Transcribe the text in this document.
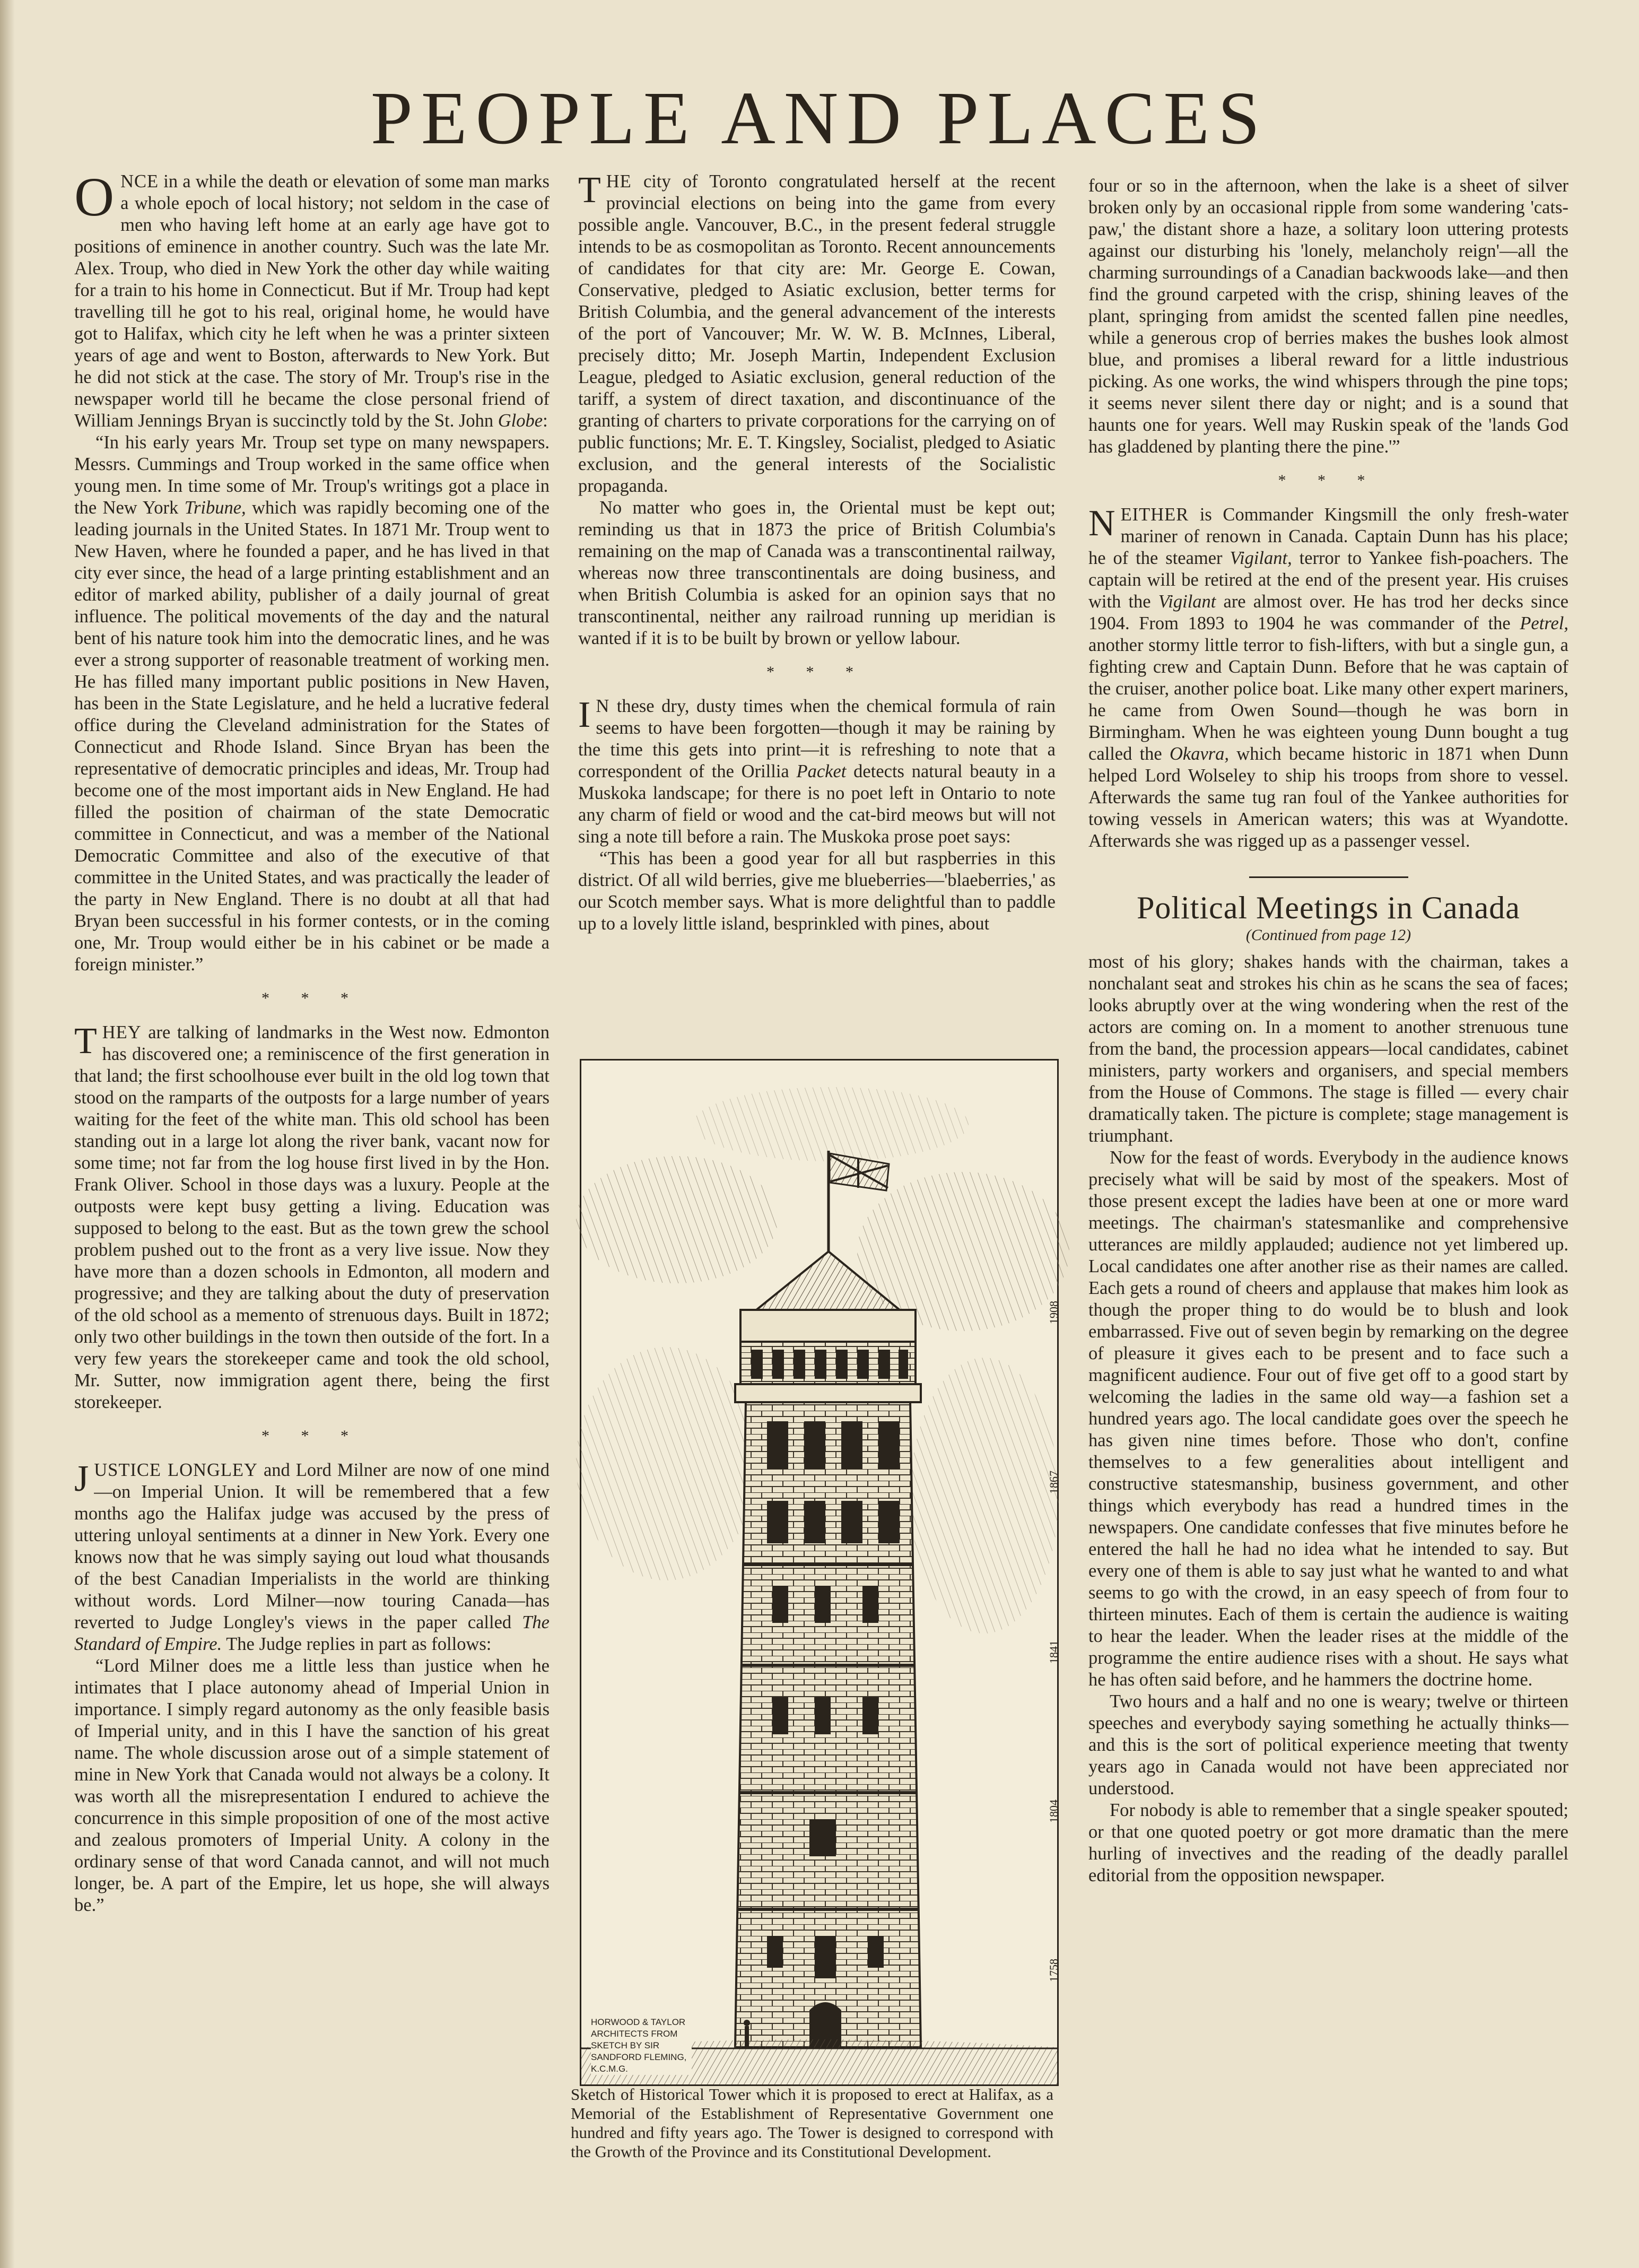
PEOPLE AND PLACES

ONCE in a while the death or elevation of some man marks a whole epoch of local history; not seldom in the case of men who having left home at an early age have got to positions of eminence in another country. Such was the late Mr. Alex. Troup, who died in New York the other day while waiting for a train to his home in Connecticut. But if Mr. Troup had kept travelling till he got to his real, original home, he would have got to Halifax, which city he left when he was a printer sixteen years of age and went to Boston, afterwards to New York. But he did not stick at the case. The story of Mr. Troup's rise in the newspaper world till he became the close personal friend of William Jennings Bryan is succinctly told by the St. John Globe:

“In his early years Mr. Troup set type on many newspapers. Messrs. Cummings and Troup worked in the same office when young men. In time some of Mr. Troup's writings got a place in the New York Tribune, which was rapidly becoming one of the leading journals in the United States. In 1871 Mr. Troup went to New Haven, where he founded a paper, and he has lived in that city ever since, the head of a large printing establishment and an editor of marked ability, publisher of a daily journal of great influence. The political movements of the day and the natural bent of his nature took him into the democratic lines, and he was ever a strong supporter of reasonable treatment of working men. He has filled many important public positions in New Haven, has been in the State Legislature, and he held a lucrative federal office during the Cleveland administration for the States of Connecticut and Rhode Island. Since Bryan has been the representative of democratic principles and ideas, Mr. Troup had become one of the most important aids in New England. He had filled the position of chairman of the state Democratic committee in Connecticut, and was a member of the National Democratic Committee and also of the executive of that committee in the United States, and was practically the leader of the party in New England. There is no doubt at all that had Bryan been successful in his former contests, or in the coming one, Mr. Troup would either be in his cabinet or be made a foreign minister.”

* * *

THEY are talking of landmarks in the West now. Edmonton has discovered one; a reminiscence of the first generation in that land; the first schoolhouse ever built in the old log town that stood on the ramparts of the outposts for a large number of years waiting for the feet of the white man. This old school has been standing out in a large lot along the river bank, vacant now for some time; not far from the log house first lived in by the Hon. Frank Oliver. School in those days was a luxury. People at the outposts were kept busy getting a living. Education was supposed to belong to the east. But as the town grew the school problem pushed out to the front as a very live issue. Now they have more than a dozen schools in Edmonton, all modern and progressive; and they are talking about the duty of preservation of the old school as a memento of strenuous days. Built in 1872; only two other buildings in the town then outside of the fort. In a very few years the storekeeper came and took the old school, Mr. Sutter, now immigration agent there, being the first storekeeper.

* * *

JUSTICE LONGLEY and Lord Milner are now of one mind—on Imperial Union. It will be remembered that a few months ago the Halifax judge was accused by the press of uttering unloyal sentiments at a dinner in New York. Every one knows now that he was simply saying out loud what thousands of the best Canadian Imperialists in the world are thinking without words. Lord Milner—now touring Canada—has reverted to Judge Longley's views in the paper called The Standard of Empire. The Judge replies in part as follows:

“Lord Milner does me a little less than justice when he intimates that I place autonomy ahead of Imperial Union in importance. I simply regard autonomy as the only feasible basis of Imperial unity, and in this I have the sanction of his great name. The whole discussion arose out of a simple statement of mine in New York that Canada would not always be a colony. It was worth all the misrepresentation I endured to achieve the concurrence in this simple proposition of one of the most active and zealous promoters of Imperial Unity. A colony in the ordinary sense of that word Canada cannot, and will not much longer, be. A part of the Empire, let us hope, she will always be.”

THE city of Toronto congratulated herself at the recent provincial elections on being into the game from every possible angle. Vancouver, B.C., in the present federal struggle intends to be as cosmopolitan as Toronto. Recent announcements of candidates for that city are: Mr. George E. Cowan, Conservative, pledged to Asiatic exclusion, better terms for British Columbia, and the general advancement of the interests of the port of Vancouver; Mr. W. W. B. McInnes, Liberal, precisely ditto; Mr. Joseph Martin, Independent Exclusion League, pledged to Asiatic exclusion, general reduction of the tariff, a system of direct taxation, and discontinuance of the granting of charters to private corporations for the carrying on of public functions; Mr. E. T. Kingsley, Socialist, pledged to Asiatic exclusion, and the general interests of the Socialistic propaganda.

No matter who goes in, the Oriental must be kept out; reminding us that in 1873 the price of British Columbia's remaining on the map of Canada was a transcontinental railway, whereas now three transcontinentals are doing business, and when British Columbia is asked for an opinion says that no transcontinental, neither any railroad running up meridian is wanted if it is to be built by brown or yellow labour.

* * *

I N these dry, dusty times when the chemical formula of rain seems to have been forgotten—though it may be raining by the time this gets into print—it is refreshing to note that a correspondent of the Orillia Packet detects natural beauty in a Muskoka landscape; for there is no poet left in Ontario to note any charm of field or wood and the cat-bird meows but will not sing a note till before a rain. The Muskoka prose poet says:

“This has been a good year for all but raspberries in this district. Of all wild berries, give me blueberries—'blaeberries,' as our Scotch member says. What is more delightful than to paddle up to a lovely little island, besprinkled with pines, about

1908
1867
1841
1804
1758
HORWOOD & TAYLOR ARCHITECTS FROM SKETCH BY SIR SANDFORD FLEMING, K.C.M.G.
Sketch of Historical Tower which it is proposed to erect at Halifax, as a Memorial of the Establishment of Representative Government one hundred and fifty years ago. The Tower is designed to correspond with the Growth of the Province and its Constitutional Development.

four or so in the afternoon, when the lake is a sheet of silver broken only by an occasional ripple from some wandering 'cats-paw,' the distant shore a haze, a solitary loon uttering protests against our disturbing his 'lonely, melancholy reign'—all the charming surroundings of a Canadian backwoods lake—and then find the ground carpeted with the crisp, shining leaves of the plant, springing from amidst the scented fallen pine needles, while a generous crop of berries makes the bushes look almost blue, and promises a liberal reward for a little industrious picking. As one works, the wind whispers through the pine tops; it seems never silent there day or night; and is a sound that haunts one for years. Well may Ruskin speak of the 'lands God has gladdened by planting there the pine.'”

* * *

NEITHER is Commander Kingsmill the only fresh-water mariner of renown in Canada. Captain Dunn has his place; he of the steamer Vigilant, terror to Yankee fish-poachers. The captain will be retired at the end of the present year. His cruises with the Vigilant are almost over. He has trod her decks since 1904. From 1893 to 1904 he was commander of the Petrel, another stormy little terror to fish-lifters, with but a single gun, a fighting crew and Captain Dunn. Before that he was captain of the cruiser, another police boat. Like many other expert mariners, he came from Owen Sound—though he was born in Birmingham. When he was eighteen young Dunn bought a tug called the Okavra, which became historic in 1871 when Dunn helped Lord Wolseley to ship his troops from shore to vessel. Afterwards the same tug ran foul of the Yankee authorities for towing vessels in American waters; this was at Wyandotte. Afterwards she was rigged up as a passenger vessel.

Political Meetings in Canada
(Continued from page 12)

most of his glory; shakes hands with the chairman, takes a nonchalant seat and strokes his chin as he scans the sea of faces; looks abruptly over at the wing wondering when the rest of the actors are coming on. In a moment to another strenuous tune from the band, the procession appears—local candidates, cabinet ministers, party workers and organisers, and special members from the House of Commons. The stage is filled — every chair dramatically taken. The picture is complete; stage management is triumphant.

Now for the feast of words. Everybody in the audience knows precisely what will be said by most of the speakers. Most of those present except the ladies have been at one or more ward meetings. The chairman's statesmanlike and comprehensive utterances are mildly applauded; audience not yet limbered up. Local candidates one after another rise as their names are called. Each gets a round of cheers and applause that makes him look as though the proper thing to do would be to blush and look embarrassed. Five out of seven begin by remarking on the degree of pleasure it gives each to be present and to face such a magnificent audience. Four out of five get off to a good start by welcoming the ladies in the same old way—a fashion set a hundred years ago. The local candidate goes over the speech he has given nine times before. Those who don't, confine themselves to a few generalities about intelligent and constructive statesmanship, business government, and other things which everybody has read a hundred times in the newspapers. One candidate confesses that five minutes before he entered the hall he had no idea what he intended to say. But every one of them is able to say just what he wanted to and what seems to go with the crowd, in an easy speech of from four to thirteen minutes. Each of them is certain the audience is waiting to hear the leader. When the leader rises at the middle of the programme the entire audience rises with a shout. He says what he has often said before, and he hammers the doctrine home.

Two hours and a half and no one is weary; twelve or thirteen speeches and everybody saying something he actually thinks—and this is the sort of political experience meeting that twenty years ago in Canada would not have been appreciated nor understood.

For nobody is able to remember that a single speaker spouted; or that one quoted poetry or got more dramatic than the mere hurling of invectives and the reading of the deadly parallel editorial from the opposition newspaper.
